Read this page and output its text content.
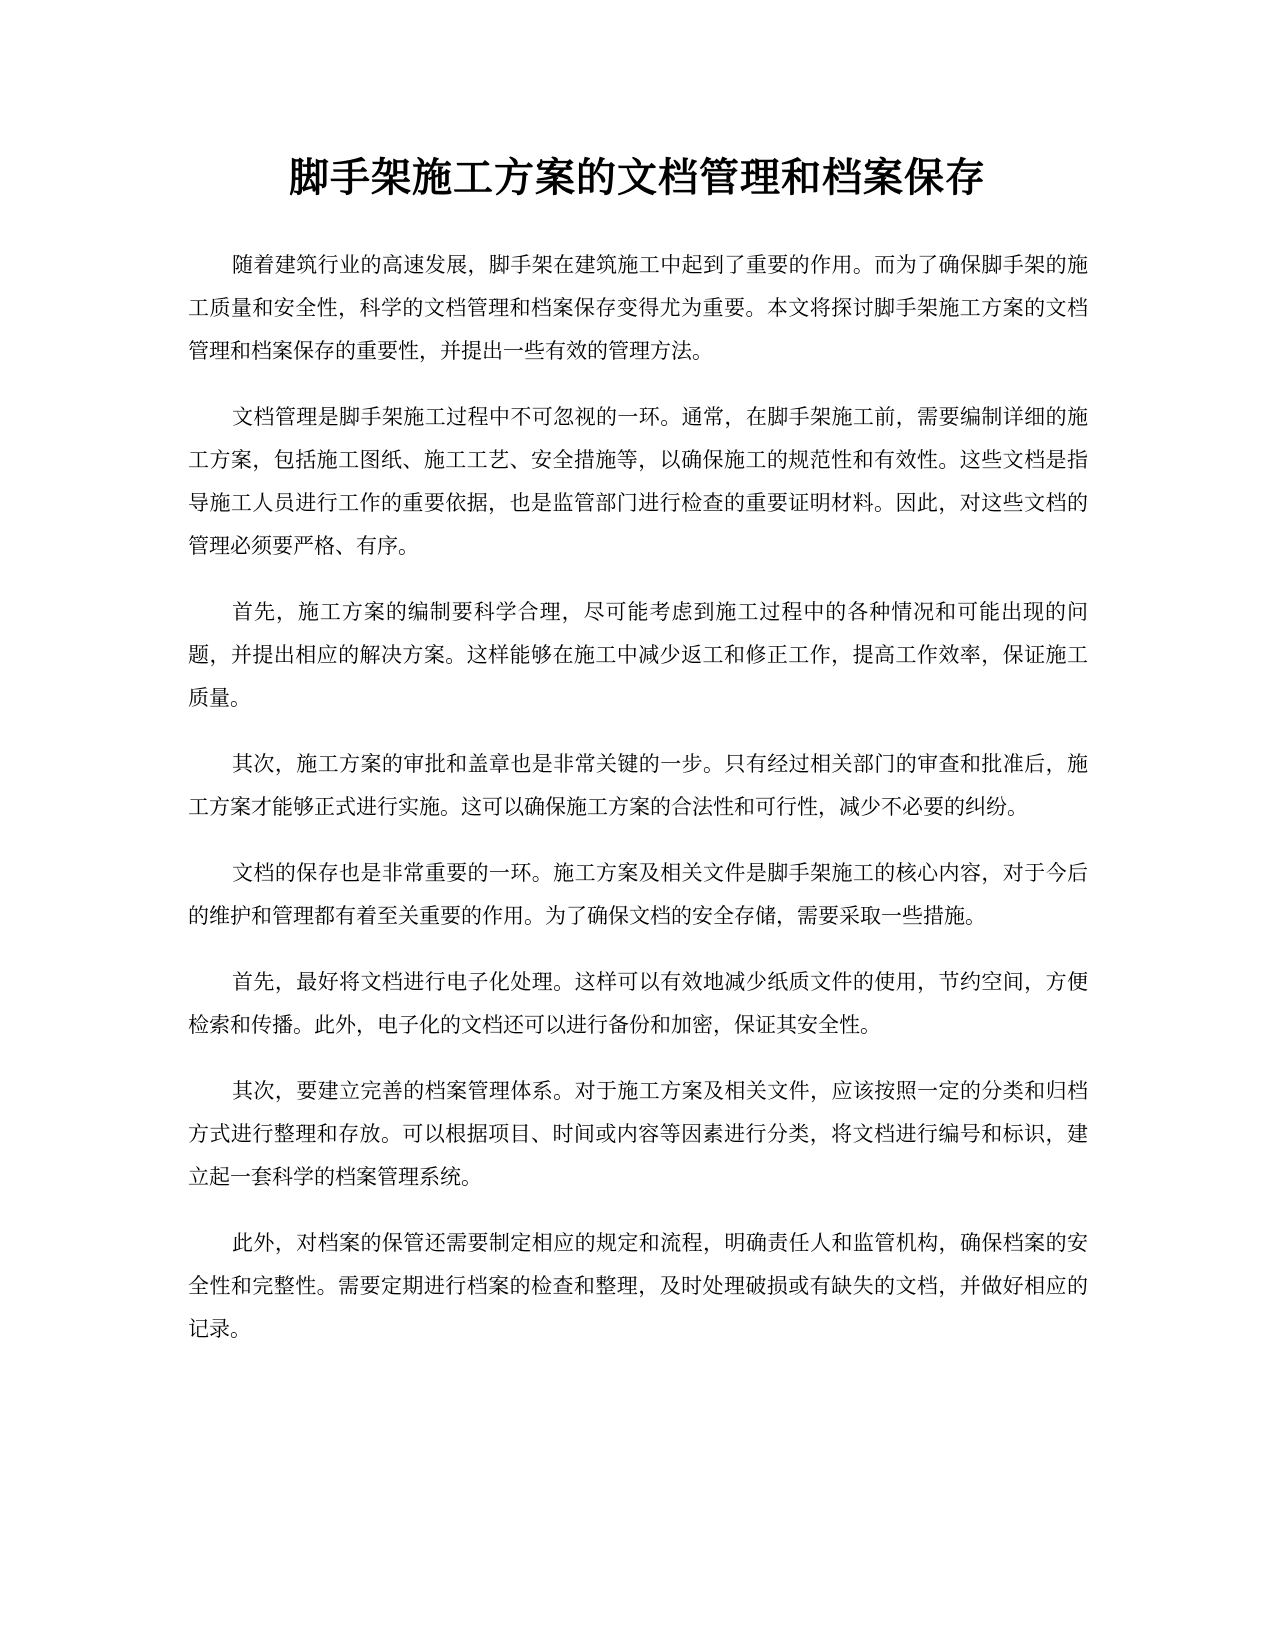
脚手架施工方案的文档管理和档案保存

随着建筑行业的高速发展，脚手架在建筑施工中起到了重要的作用。而为了确保脚手架的施工质量和安全性，科学的文档管理和档案保存变得尤为重要。本文将探讨脚手架施工方案的文档管理和档案保存的重要性，并提出一些有效的管理方法。

文档管理是脚手架施工过程中不可忽视的一环。通常，在脚手架施工前，需要编制详细的施工方案，包括施工图纸、施工工艺、安全措施等，以确保施工的规范性和有效性。这些文档是指导施工人员进行工作的重要依据，也是监管部门进行检查的重要证明材料。因此，对这些文档的管理必须要严格、有序。

首先，施工方案的编制要科学合理，尽可能考虑到施工过程中的各种情况和可能出现的问题，并提出相应的解决方案。这样能够在施工中减少返工和修正工作，提高工作效率，保证施工质量。

其次，施工方案的审批和盖章也是非常关键的一步。只有经过相关部门的审查和批准后，施工方案才能够正式进行实施。这可以确保施工方案的合法性和可行性，减少不必要的纠纷。

文档的保存也是非常重要的一环。施工方案及相关文件是脚手架施工的核心内容，对于今后的维护和管理都有着至关重要的作用。为了确保文档的安全存储，需要采取一些措施。

首先，最好将文档进行电子化处理。这样可以有效地减少纸质文件的使用，节约空间，方便检索和传播。此外，电子化的文档还可以进行备份和加密，保证其安全性。

其次，要建立完善的档案管理体系。对于施工方案及相关文件，应该按照一定的分类和归档方式进行整理和存放。可以根据项目、时间或内容等因素进行分类，将文档进行编号和标识，建立起一套科学的档案管理系统。

此外，对档案的保管还需要制定相应的规定和流程，明确责任人和监管机构，确保档案的安全性和完整性。需要定期进行档案的检查和整理，及时处理破损或有缺失的文档，并做好相应的记录。
